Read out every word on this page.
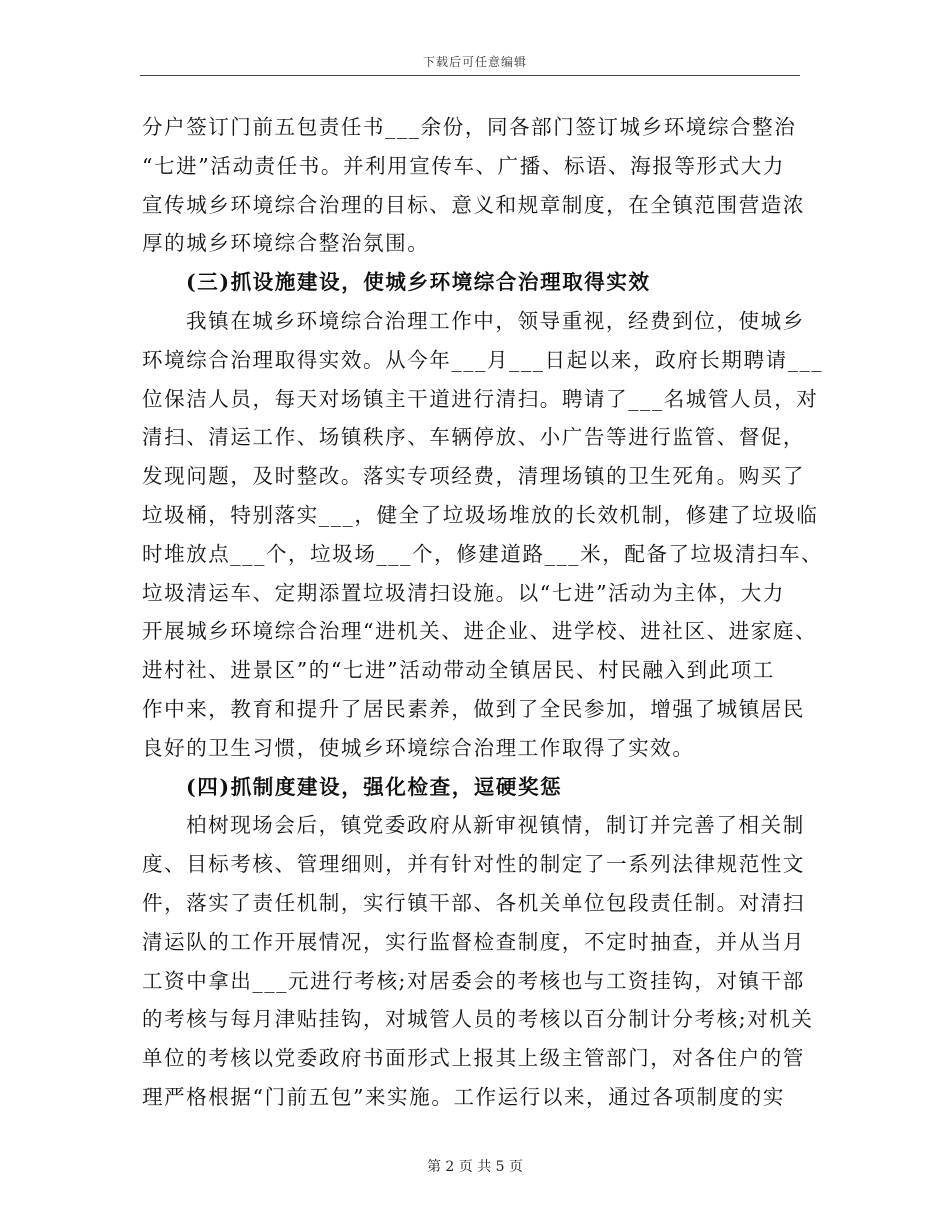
下载后可任意编辑
分户签订门前五包责任书___余份，同各部门签订城乡环境综合整治
“七进”活动责任书。并利用宣传车、广播、标语、海报等形式大力
宣传城乡环境综合治理的目标、意义和规章制度，在全镇范围营造浓
厚的城乡环境综合整治氛围。
(三)抓设施建设，使城乡环境综合治理取得实效
我镇在城乡环境综合治理工作中，领导重视，经费到位，使城乡
环境综合治理取得实效。从今年___月___日起以来，政府长期聘请___
位保洁人员，每天对场镇主干道进行清扫。聘请了___名城管人员，对
清扫、清运工作、场镇秩序、车辆停放、小广告等进行监管、督促，
发现问题，及时整改。落实专项经费，清理场镇的卫生死角。购买了
垃圾桶，特别落实___，健全了垃圾场堆放的长效机制，修建了垃圾临
时堆放点___个，垃圾场___个，修建道路___米，配备了垃圾清扫车、
垃圾清运车、定期添置垃圾清扫设施。以“七进”活动为主体，大力
开展城乡环境综合治理“进机关、进企业、进学校、进社区、进家庭、
进村社、进景区”的“七进”活动带动全镇居民、村民融入到此项工
作中来，教育和提升了居民素养，做到了全民参加，增强了城镇居民
良好的卫生习惯，使城乡环境综合治理工作取得了实效。
(四)抓制度建设，强化检查，逗硬奖惩
柏树现场会后，镇党委政府从新审视镇情，制订并完善了相关制
度、目标考核、管理细则，并有针对性的制定了一系列法律规范性文
件，落实了责任机制，实行镇干部、各机关单位包段责任制。对清扫
清运队的工作开展情况，实行监督检查制度，不定时抽查，并从当月
工资中拿出___元进行考核;对居委会的考核也与工资挂钩，对镇干部
的考核与每月津贴挂钩，对城管人员的考核以百分制计分考核;对机关
单位的考核以党委政府书面形式上报其上级主管部门，对各住户的管
理严格根据“门前五包”来实施。工作运行以来，通过各项制度的实
第 2 页 共 5 页
